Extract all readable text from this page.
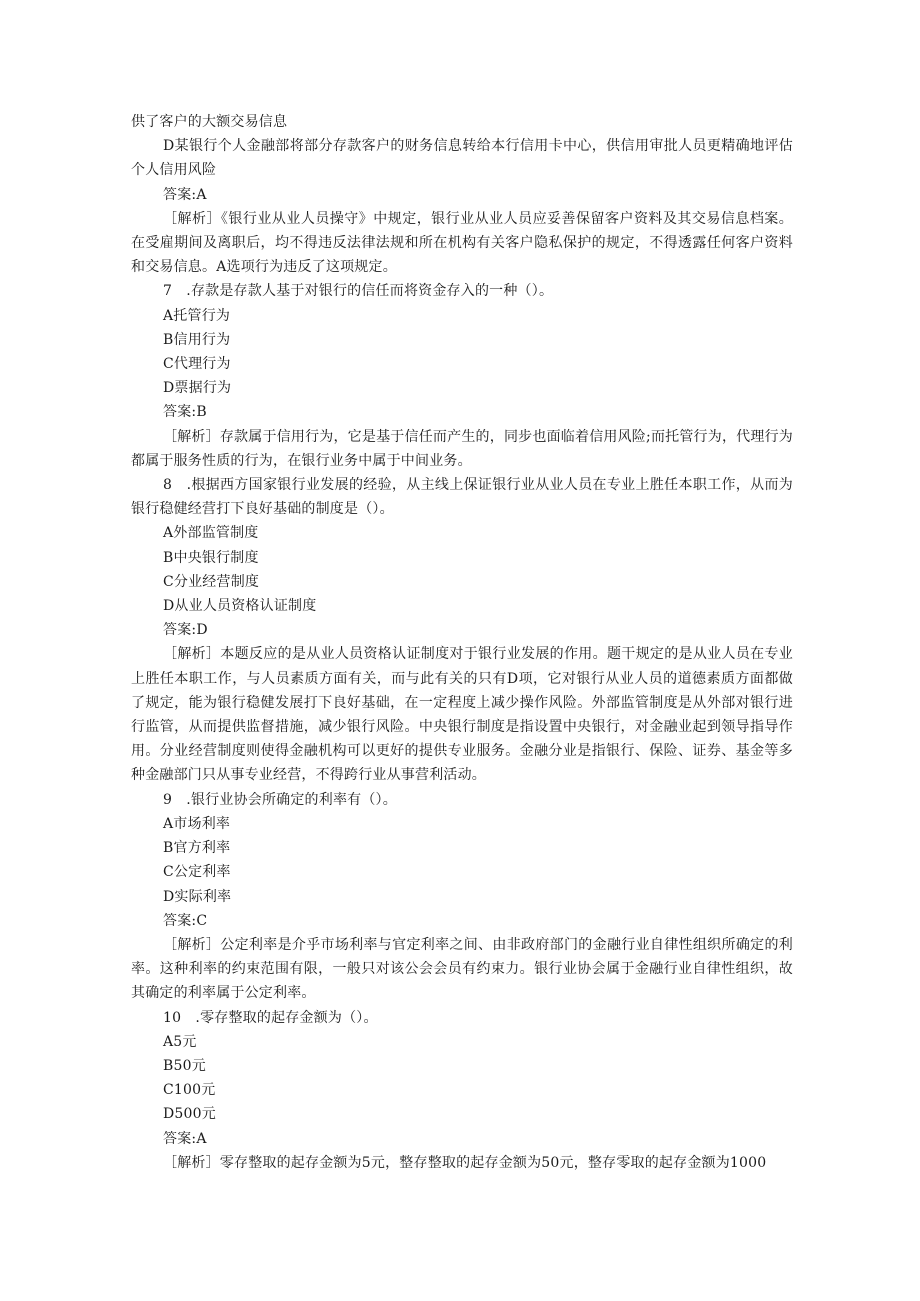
供了客户的大额交易信息

D某银行个人金融部将部分存款客户的财务信息转给本行信用卡中心，供信用审批人员更精确地评估个人信用风险

答案:A

［解析］《银行业从业人员操守》中规定，银行业从业人员应妥善保留客户资料及其交易信息档案。在受雇期间及离职后，均不得违反法律法规和所在机构有关客户隐私保护的规定，不得透露任何客户资料和交易信息。A选项行为违反了这项规定。

7　.存款是存款人基于对银行的信任而将资金存入的一种（）。

A托管行为

B信用行为

C代理行为

D票据行为

答案:B

［解析］存款属于信用行为，它是基于信任而产生的，同步也面临着信用风险;而托管行为，代理行为都属于服务性质的行为，在银行业务中属于中间业务。

8　.根据西方国家银行业发展的经验，从主线上保证银行业从业人员在专业上胜任本职工作，从而为银行稳健经营打下良好基础的制度是（）。

A外部监管制度

B中央银行制度

C分业经营制度

D从业人员资格认证制度

答案:D

［解析］本题反应的是从业人员资格认证制度对于银行业发展的作用。题干规定的是从业人员在专业上胜任本职工作，与人员素质方面有关，而与此有关的只有D项，它对银行从业人员的道德素质方面都做了规定，能为银行稳健发展打下良好基础，在一定程度上减少操作风险。外部监管制度是从外部对银行进行监管，从而提供监督措施，减少银行风险。中央银行制度是指设置中央银行，对金融业起到领导指导作用。分业经营制度则使得金融机构可以更好的提供专业服务。金融分业是指银行、保险、证券、基金等多种金融部门只从事专业经营，不得跨行业从事营利活动。

9　.银行业协会所确定的利率有（）。

A市场利率

B官方利率

C公定利率

D实际利率

答案:C

［解析］公定利率是介乎市场利率与官定利率之间、由非政府部门的金融行业自律性组织所确定的利率。这种利率的约束范围有限，一般只对该公会会员有约束力。银行业协会属于金融行业自律性组织，故其确定的利率属于公定利率。

10　.零存整取的起存金额为（）。

A5元

B50元

C100元

D500元

答案:A

［解析］零存整取的起存金额为5元，整存整取的起存金额为50元，整存零取的起存金额为1000
